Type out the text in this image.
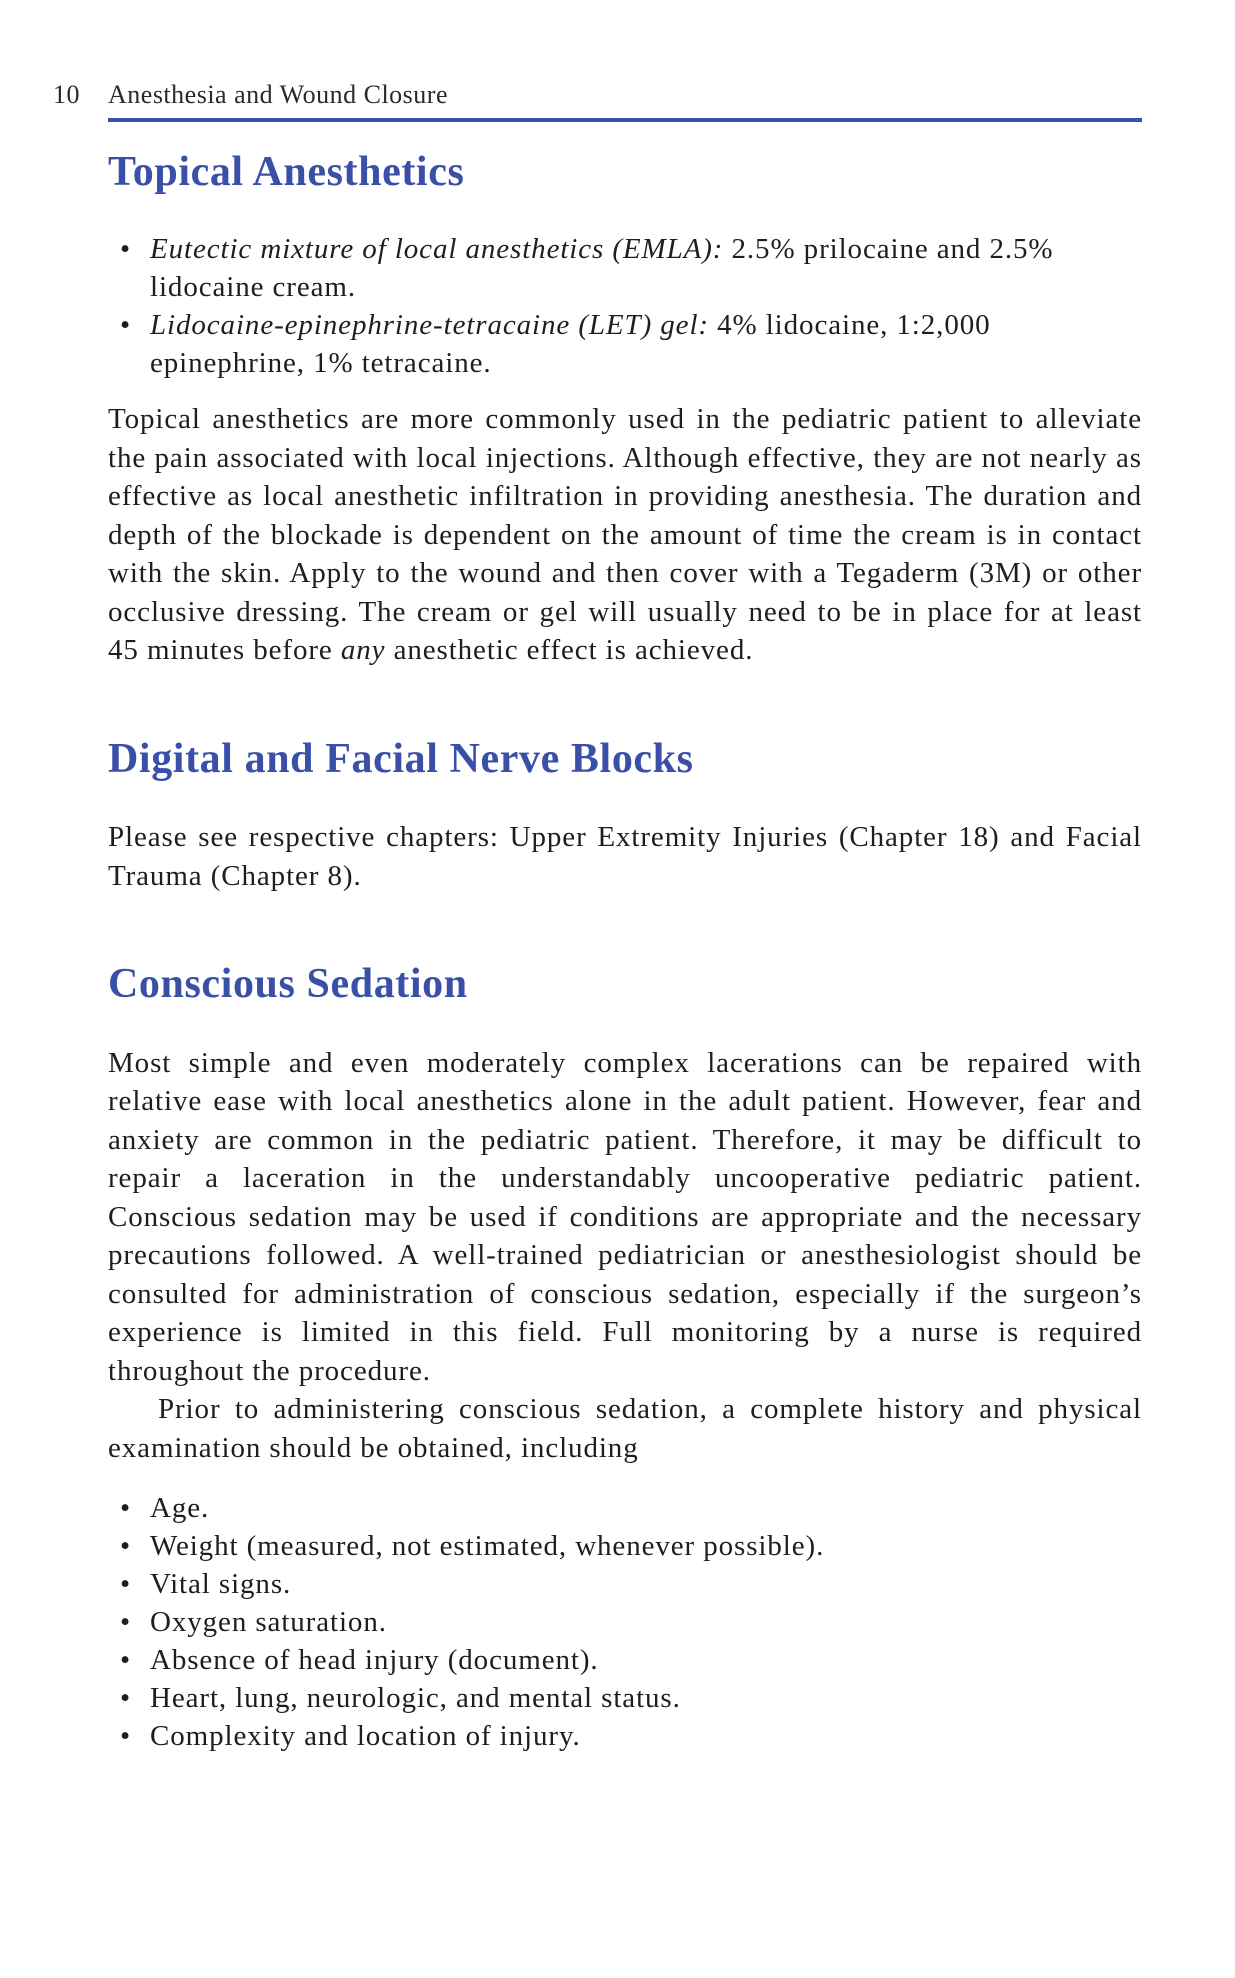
10 Anesthesia and Wound Closure
Topical Anesthetics
• Eutectic mixture of local anesthetics (EMLA): 2.5% prilocaine and 2.5% lidocaine cream.
• Lidocaine-epinephrine-tetracaine (LET) gel: 4% lidocaine, 1:2,000 epinephrine, 1% tetracaine.

Topical anesthetics are more commonly used in the pediatric patient to alleviate the pain associated with local injections. Although effective, they are not nearly as effective as local anesthetic infiltration in providing anesthesia. The duration and depth of the blockade is dependent on the amount of time the cream is in contact with the skin. Apply to the wound and then cover with a Tegaderm (3M) or other occlusive dressing. The cream or gel will usually need to be in place for at least 45 minutes before any anesthetic effect is achieved.

Digital and Facial Nerve Blocks

Please see respective chapters: Upper Extremity Injuries (Chapter 18) and Facial Trauma (Chapter 8).

Conscious Sedation

Most simple and even moderately complex lacerations can be repaired with relative ease with local anesthetics alone in the adult patient. However, fear and anxiety are common in the pediatric patient. Therefore, it may be difficult to repair a laceration in the understandably uncooperative pediatric patient. Conscious sedation may be used if conditions are appropriate and the necessary precautions followed. A well-trained pediatrician or anesthesiologist should be consulted for administration of conscious sedation, especially if the surgeon’s experience is limited in this field. Full monitoring by a nurse is required throughout the procedure.

Prior to administering conscious sedation, a complete history and physical examination should be obtained, including

• Age.
• Weight (measured, not estimated, whenever possible).
• Vital signs.
• Oxygen saturation.
• Absence of head injury (document).
• Heart, lung, neurologic, and mental status.
• Complexity and location of injury.
